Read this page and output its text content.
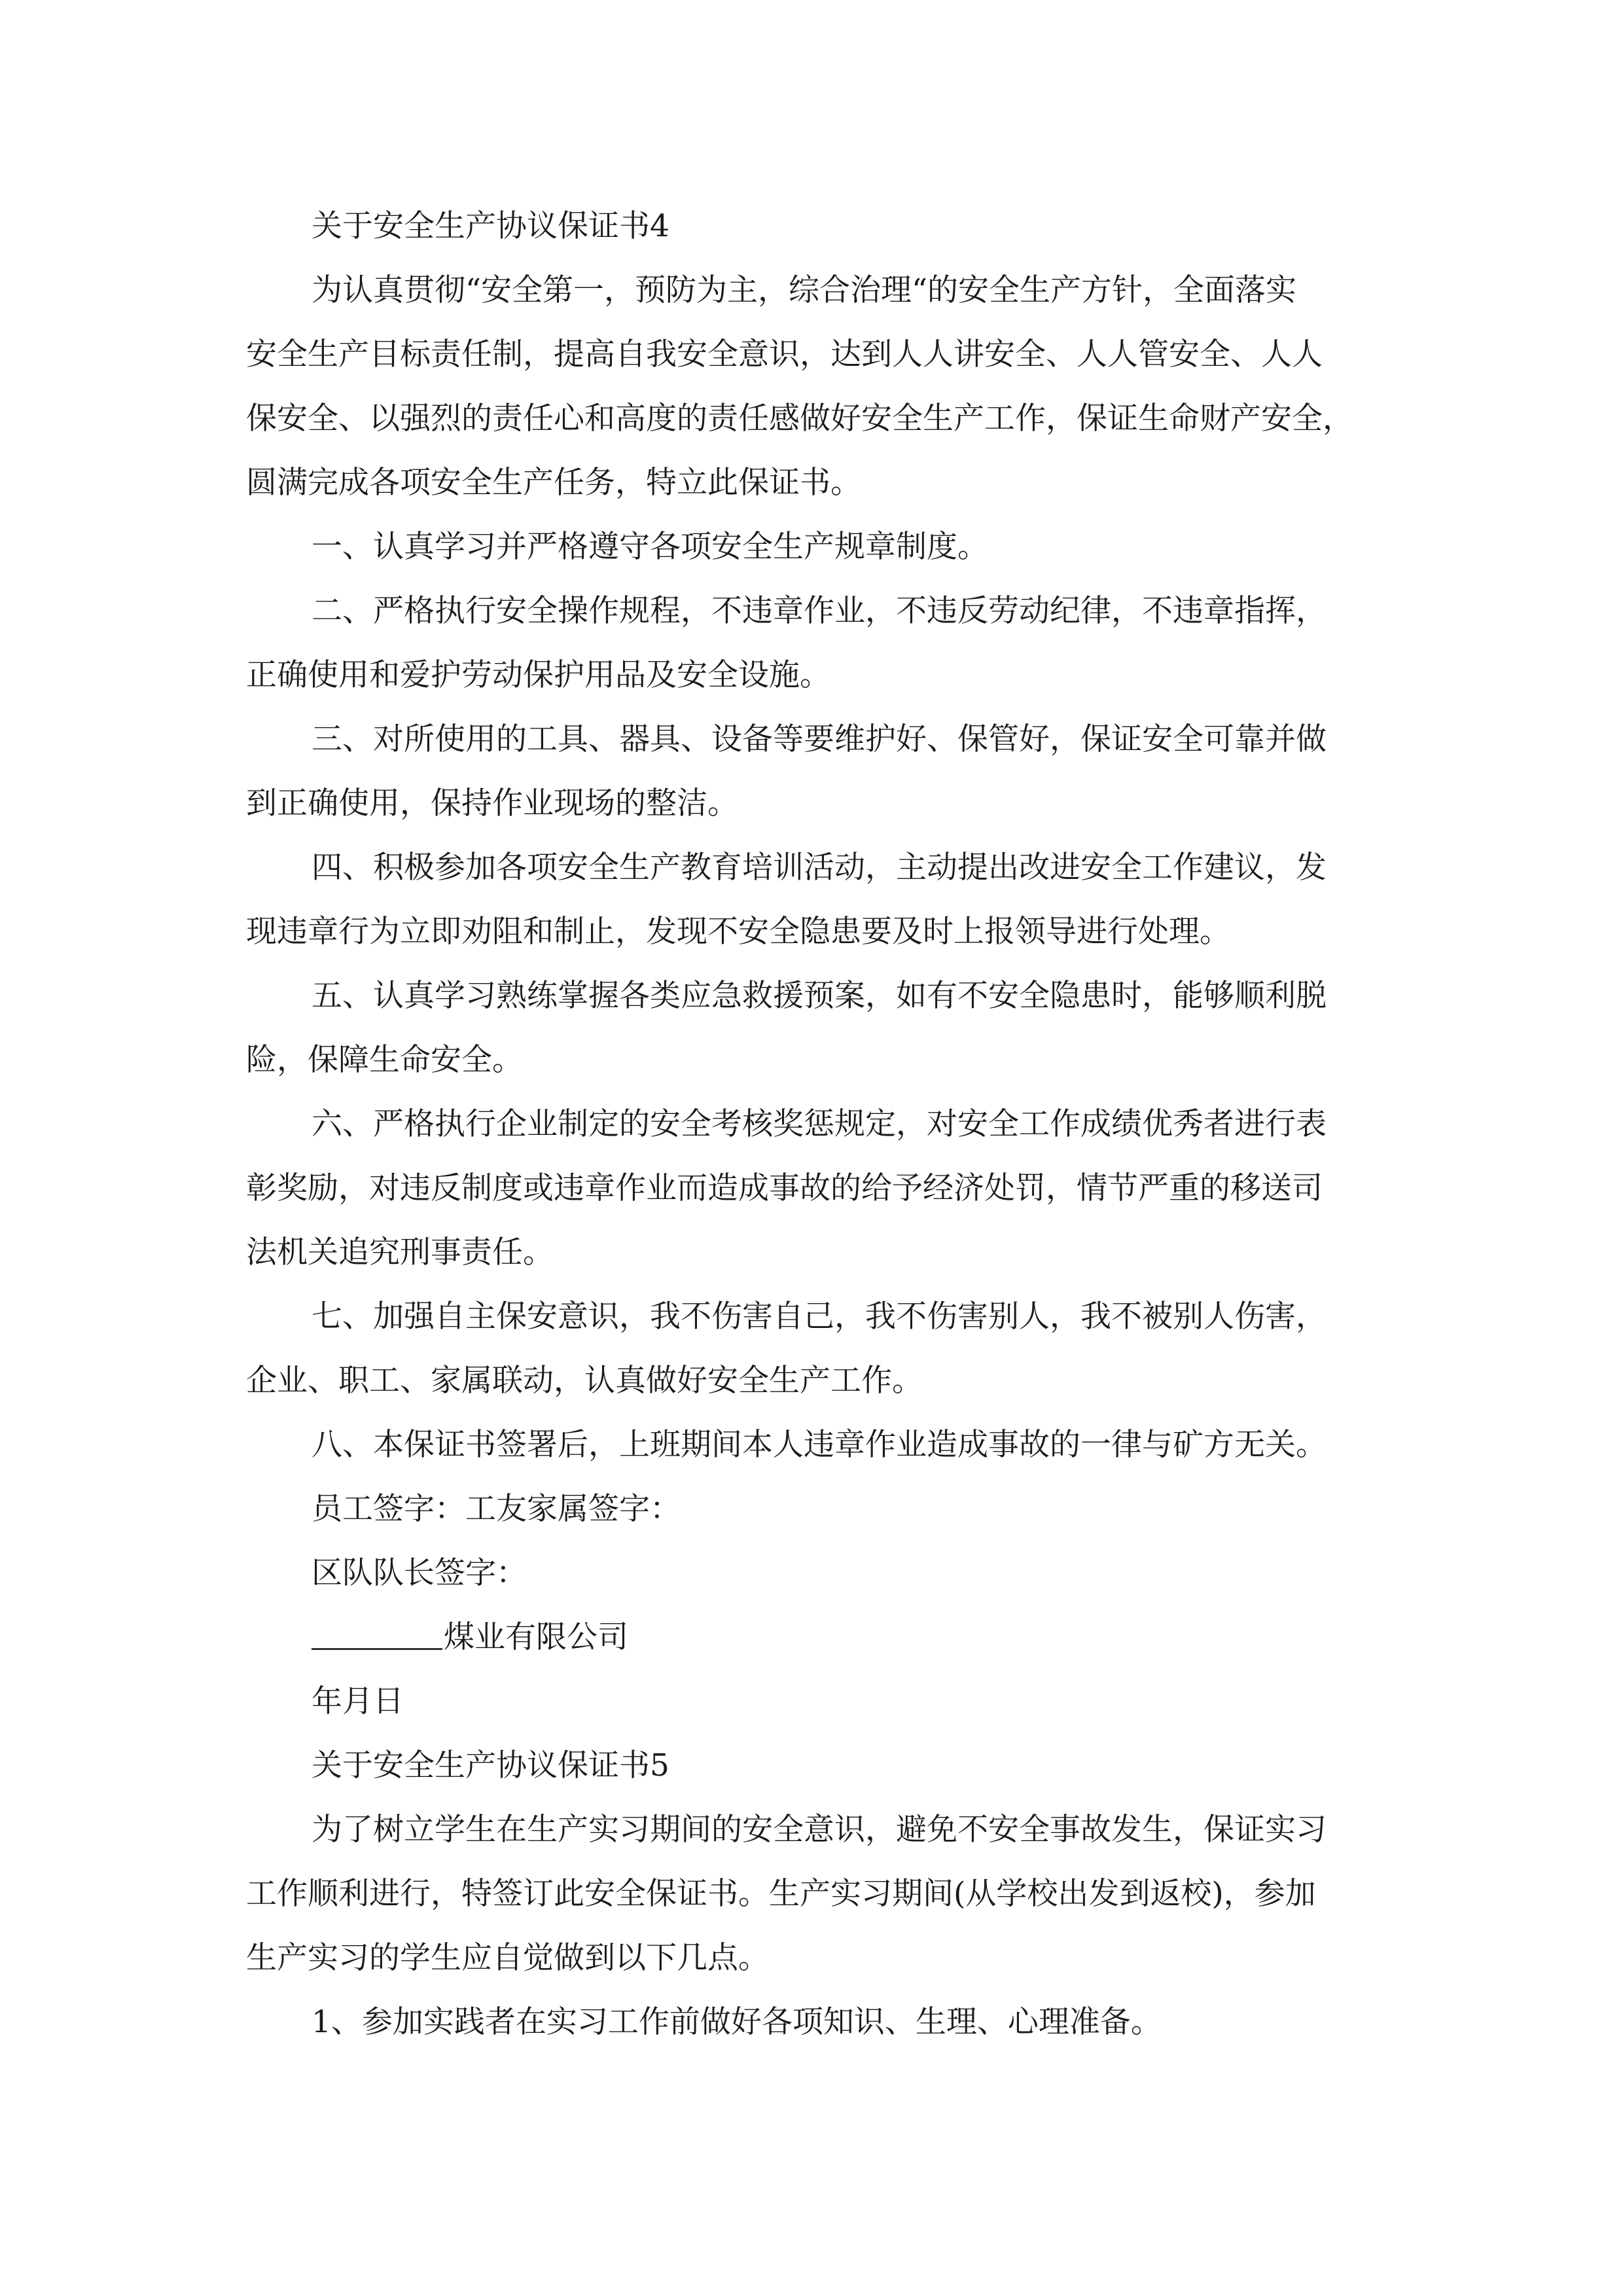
关于安全生产协议保证书4
为认真贯彻“安全第一，预防为主，综合治理“的安全生产方针，全面落实
安全生产目标责任制，提高自我安全意识，达到人人讲安全、人人管安全、人人
保安全、以强烈的责任心和高度的责任感做好安全生产工作，保证生命财产安全，
圆满完成各项安全生产任务，特立此保证书。
一、认真学习并严格遵守各项安全生产规章制度。
二、严格执行安全操作规程，不违章作业，不违反劳动纪律，不违章指挥，
正确使用和爱护劳动保护用品及安全设施。
三、对所使用的工具、器具、设备等要维护好、保管好，保证安全可靠并做
到正确使用，保持作业现场的整洁。
四、积极参加各项安全生产教育培训活动，主动提出改进安全工作建议，发
现违章行为立即劝阻和制止，发现不安全隐患要及时上报领导进行处理。
五、认真学习熟练掌握各类应急救援预案，如有不安全隐患时，能够顺利脱
险，保障生命安全。
六、严格执行企业制定的安全考核奖惩规定，对安全工作成绩优秀者进行表
彰奖励，对违反制度或违章作业而造成事故的给予经济处罚，情节严重的移送司
法机关追究刑事责任。
七、加强自主保安意识，我不伤害自己，我不伤害别人，我不被别人伤害，
企业、职工、家属联动，认真做好安全生产工作。
八、本保证书签署后，上班期间本人违章作业造成事故的一律与矿方无关。
员工签字：工友家属签字：
区队队长签字：
煤业有限公司
年月日
关于安全生产协议保证书5
为了树立学生在生产实习期间的安全意识，避免不安全事故发生，保证实习
工作顺利进行，特签订此安全保证书。生产实习期间(从学校出发到返校)，参加
生产实习的学生应自觉做到以下几点。
1、参加实践者在实习工作前做好各项知识、生理、心理准备。
